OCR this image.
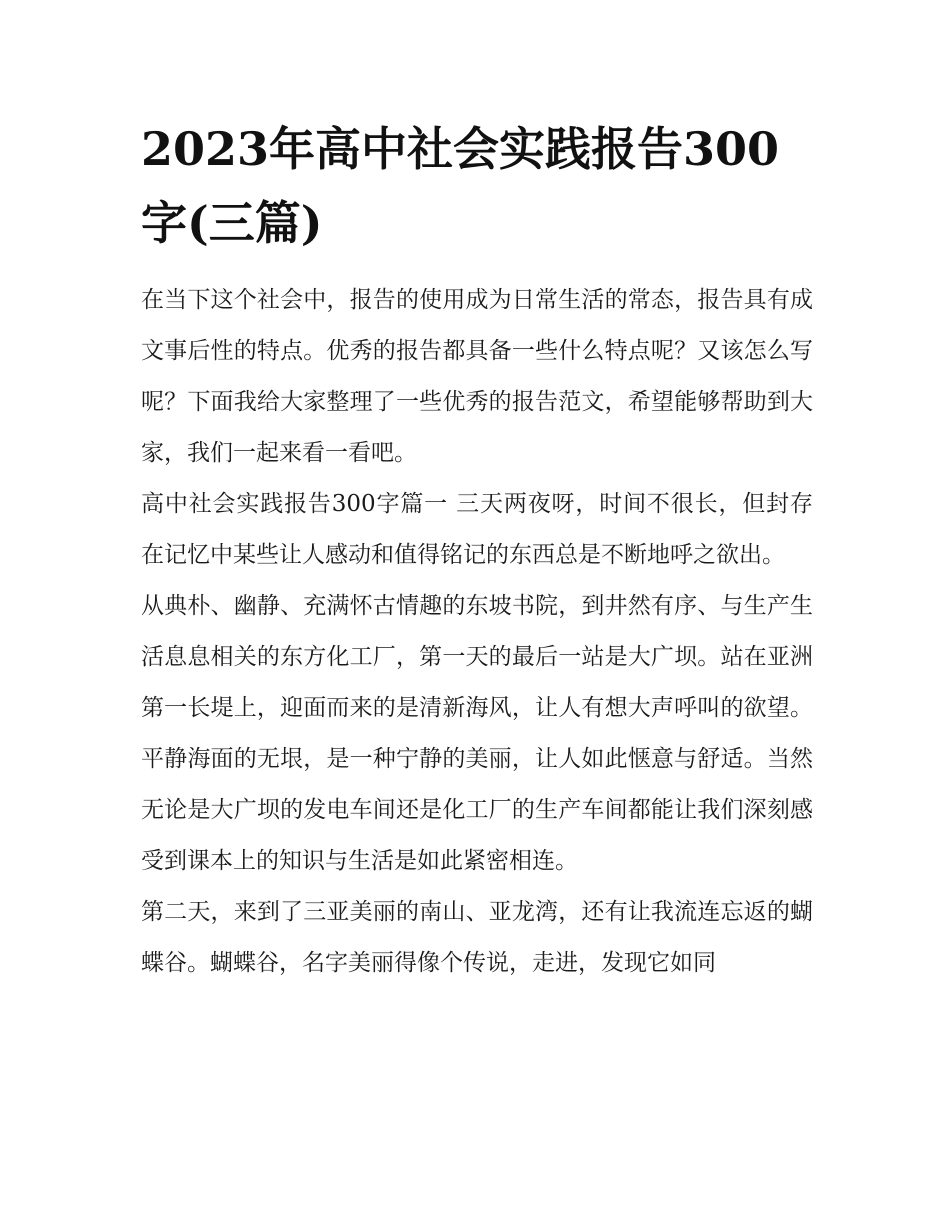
2023年高中社会实践报告300字(三篇)

在当下这个社会中，报告的使用成为日常生活的常态，报告具有成文事后性的特点。优秀的报告都具备一些什么特点呢？又该怎么写呢？下面我给大家整理了一些优秀的报告范文，希望能够帮助到大家，我们一起来看一看吧。

高中社会实践报告300字篇一 三天两夜呀，时间不很长，但封存在记忆中某些让人感动和值得铭记的东西总是不断地呼之欲出。

从典朴、幽静、充满怀古情趣的东坡书院，到井然有序、与生产生活息息相关的东方化工厂，第一天的最后一站是大广坝。站在亚洲第一长堤上，迎面而来的是清新海风，让人有想大声呼叫的欲望。平静海面的无垠，是一种宁静的美丽，让人如此惬意与舒适。当然无论是大广坝的发电车间还是化工厂的生产车间都能让我们深刻感受到课本上的知识与生活是如此紧密相连。

第二天，来到了三亚美丽的南山、亚龙湾，还有让我流连忘返的蝴蝶谷。蝴蝶谷，名字美丽得像个传说，走进，发现它如同
